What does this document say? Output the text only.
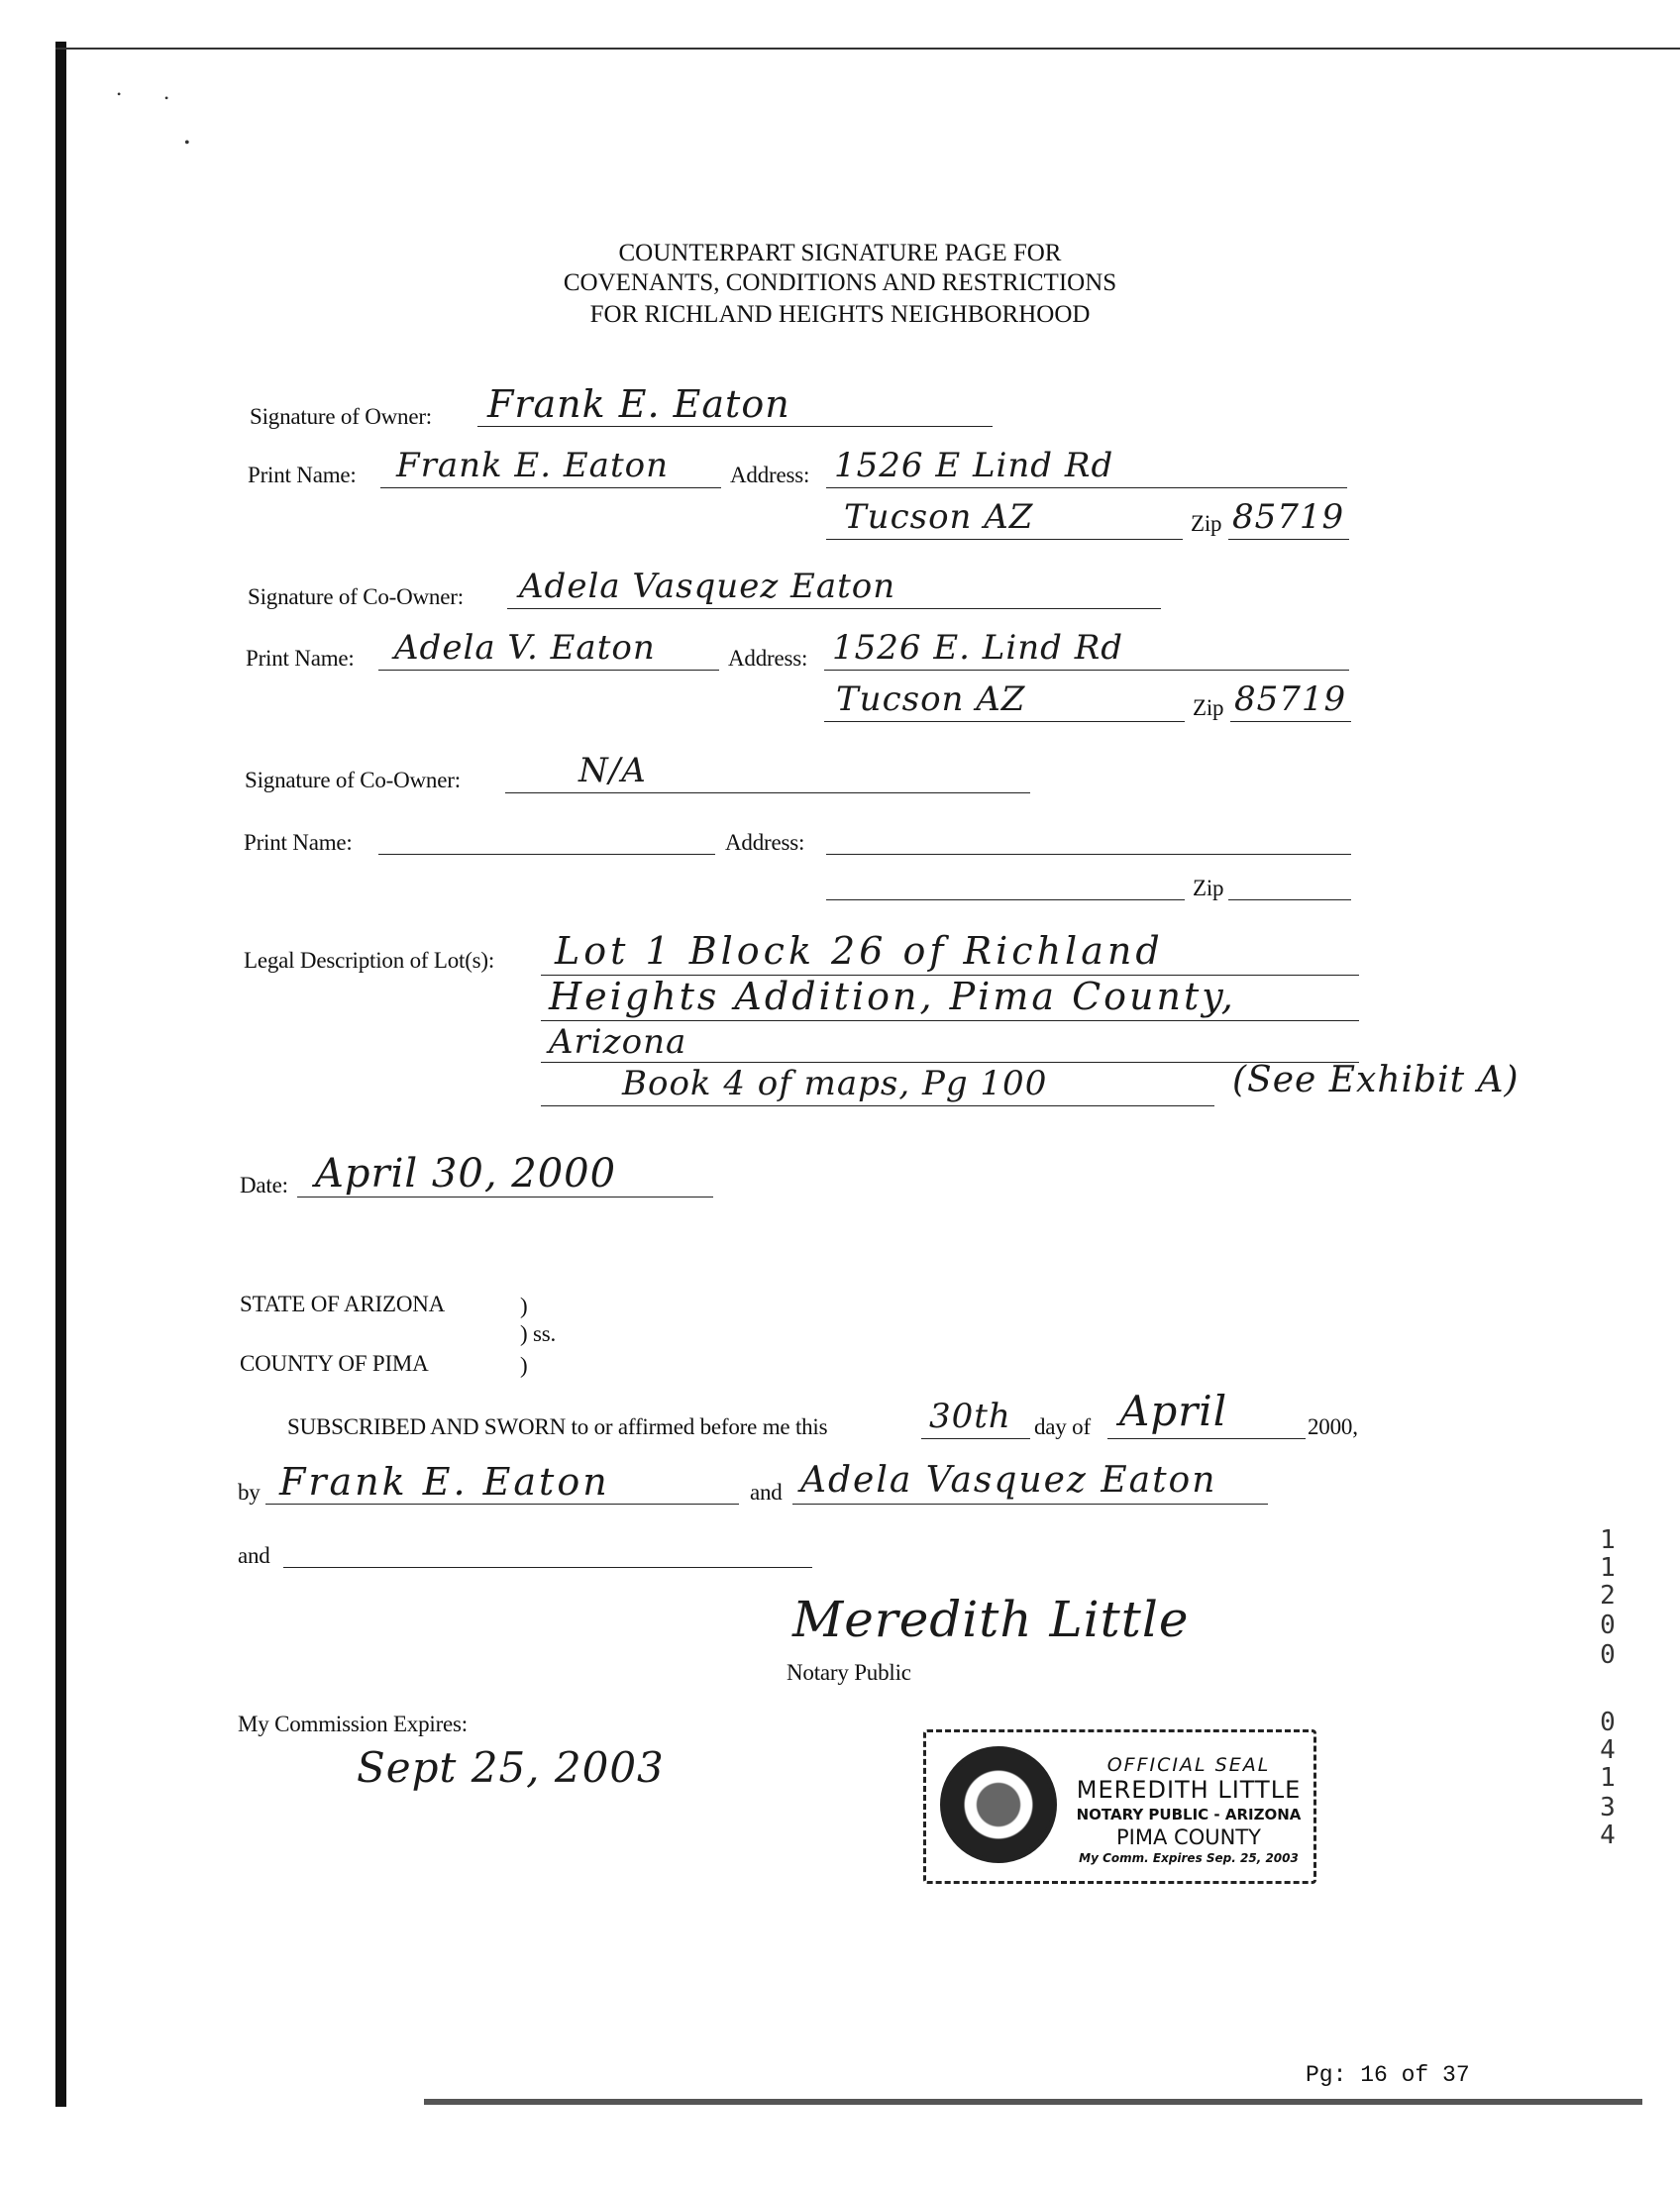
•	•
•
COUNTERPART SIGNATURE PAGE FOR
COVENANTS, CONDITIONS AND RESTRICTIONS
FOR RICHLAND HEIGHTS NEIGHBORHOOD
Signature of Owner: Frank E. Eaton
Print Name: Frank E. Eaton	Address: 1526 E Lind Rd
Tucson AZ	Zip 85719
Signature of Co-Owner: Adela Vasquez Eaton
Print Name: Adela V. Eaton	Address: 1526 E. Lind Rd
Tucson AZ	Zip 85719
Signature of Co-Owner:	N/A
Print Name:	Address:
Zip
Legal Description of Lot(s): Lot 1 Block 26 of Richland
Heights Addition, Pima County,
Arizona
Book 4 of maps, Pg 100	(See Exhibit A)
Date: April 30, 2000
STATE OF ARIZONA	)
) ss.
COUNTY OF PIMA	)
SUBSCRIBED AND SWORN to or affirmed before me this	30th day of April	2000,
by Frank E. Eaton	and Adela Vasquez Eaton
and
Meredith Little
Notary Public
My Commission Expires:
Sept 25, 2003	OFFICIAL SEAL
MEREDITH LITTLE
NOTARY PUBLIC - ARIZONA
PIMA COUNTY
My Comm. Expires Sep. 25, 2003
1
1
2
0
0
0
4
1
3
4
Pg: 16 of 37
